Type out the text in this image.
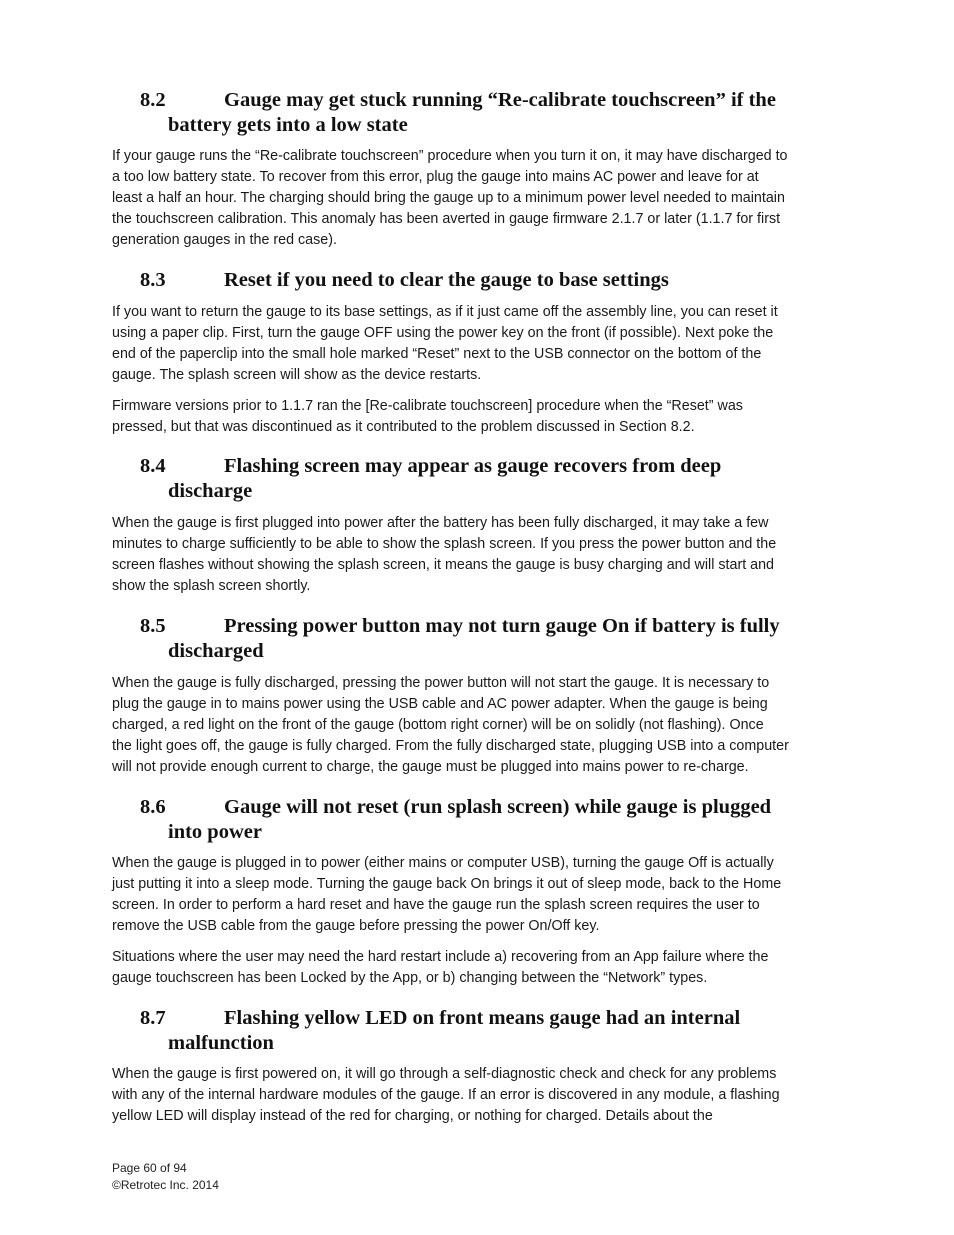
8.2	Gauge may get stuck running “Re-calibrate touchscreen” if the
battery gets into a low state
If your gauge runs the “Re-calibrate touchscreen” procedure when you turn it on, it may have discharged to
a too low battery state. To recover from this error, plug the gauge into mains AC power and leave for at
least a half an hour. The charging should bring the gauge up to a minimum power level needed to maintain
the touchscreen calibration. This anomaly has been averted in gauge firmware 2.1.7 or later (1.1.7 for first
generation gauges in the red case).
8.3	Reset if you need to clear the gauge to base settings
If you want to return the gauge to its base settings, as if it just came off the assembly line, you can reset it
using a paper clip. First, turn the gauge OFF using the power key on the front (if possible). Next poke the
end of the paperclip into the small hole marked “Reset” next to the USB connector on the bottom of the
gauge. The splash screen will show as the device restarts.
Firmware versions prior to 1.1.7 ran the [Re-calibrate touchscreen] procedure when the “Reset” was
pressed, but that was discontinued as it contributed to the problem discussed in Section 8.2.
8.4	Flashing screen may appear as gauge recovers from deep
discharge
When the gauge is first plugged into power after the battery has been fully discharged, it may take a few
minutes to charge sufficiently to be able to show the splash screen. If you press the power button and the
screen flashes without showing the splash screen, it means the gauge is busy charging and will start and
show the splash screen shortly.
8.5	Pressing power button may not turn gauge On if battery is fully
discharged
When the gauge is fully discharged, pressing the power button will not start the gauge. It is necessary to
plug the gauge in to mains power using the USB cable and AC power adapter. When the gauge is being
charged, a red light on the front of the gauge (bottom right corner) will be on solidly (not flashing). Once
the light goes off, the gauge is fully charged. From the fully discharged state, plugging USB into a computer
will not provide enough current to charge, the gauge must be plugged into mains power to re-charge.
8.6	Gauge will not reset (run splash screen) while gauge is plugged
into power
When the gauge is plugged in to power (either mains or computer USB), turning the gauge Off is actually
just putting it into a sleep mode. Turning the gauge back On brings it out of sleep mode, back to the Home
screen. In order to perform a hard reset and have the gauge run the splash screen requires the user to
remove the USB cable from the gauge before pressing the power On/Off key.
Situations where the user may need the hard restart include a) recovering from an App failure where the
gauge touchscreen has been Locked by the App, or b) changing between the “Network” types.
8.7	Flashing yellow LED on front means gauge had an internal
malfunction
When the gauge is first powered on, it will go through a self-diagnostic check and check for any problems
with any of the internal hardware modules of the gauge. If an error is discovered in any module, a flashing
yellow LED will display instead of the red for charging, or nothing for charged. Details about the
Page 60 of 94
©Retrotec Inc. 2014
